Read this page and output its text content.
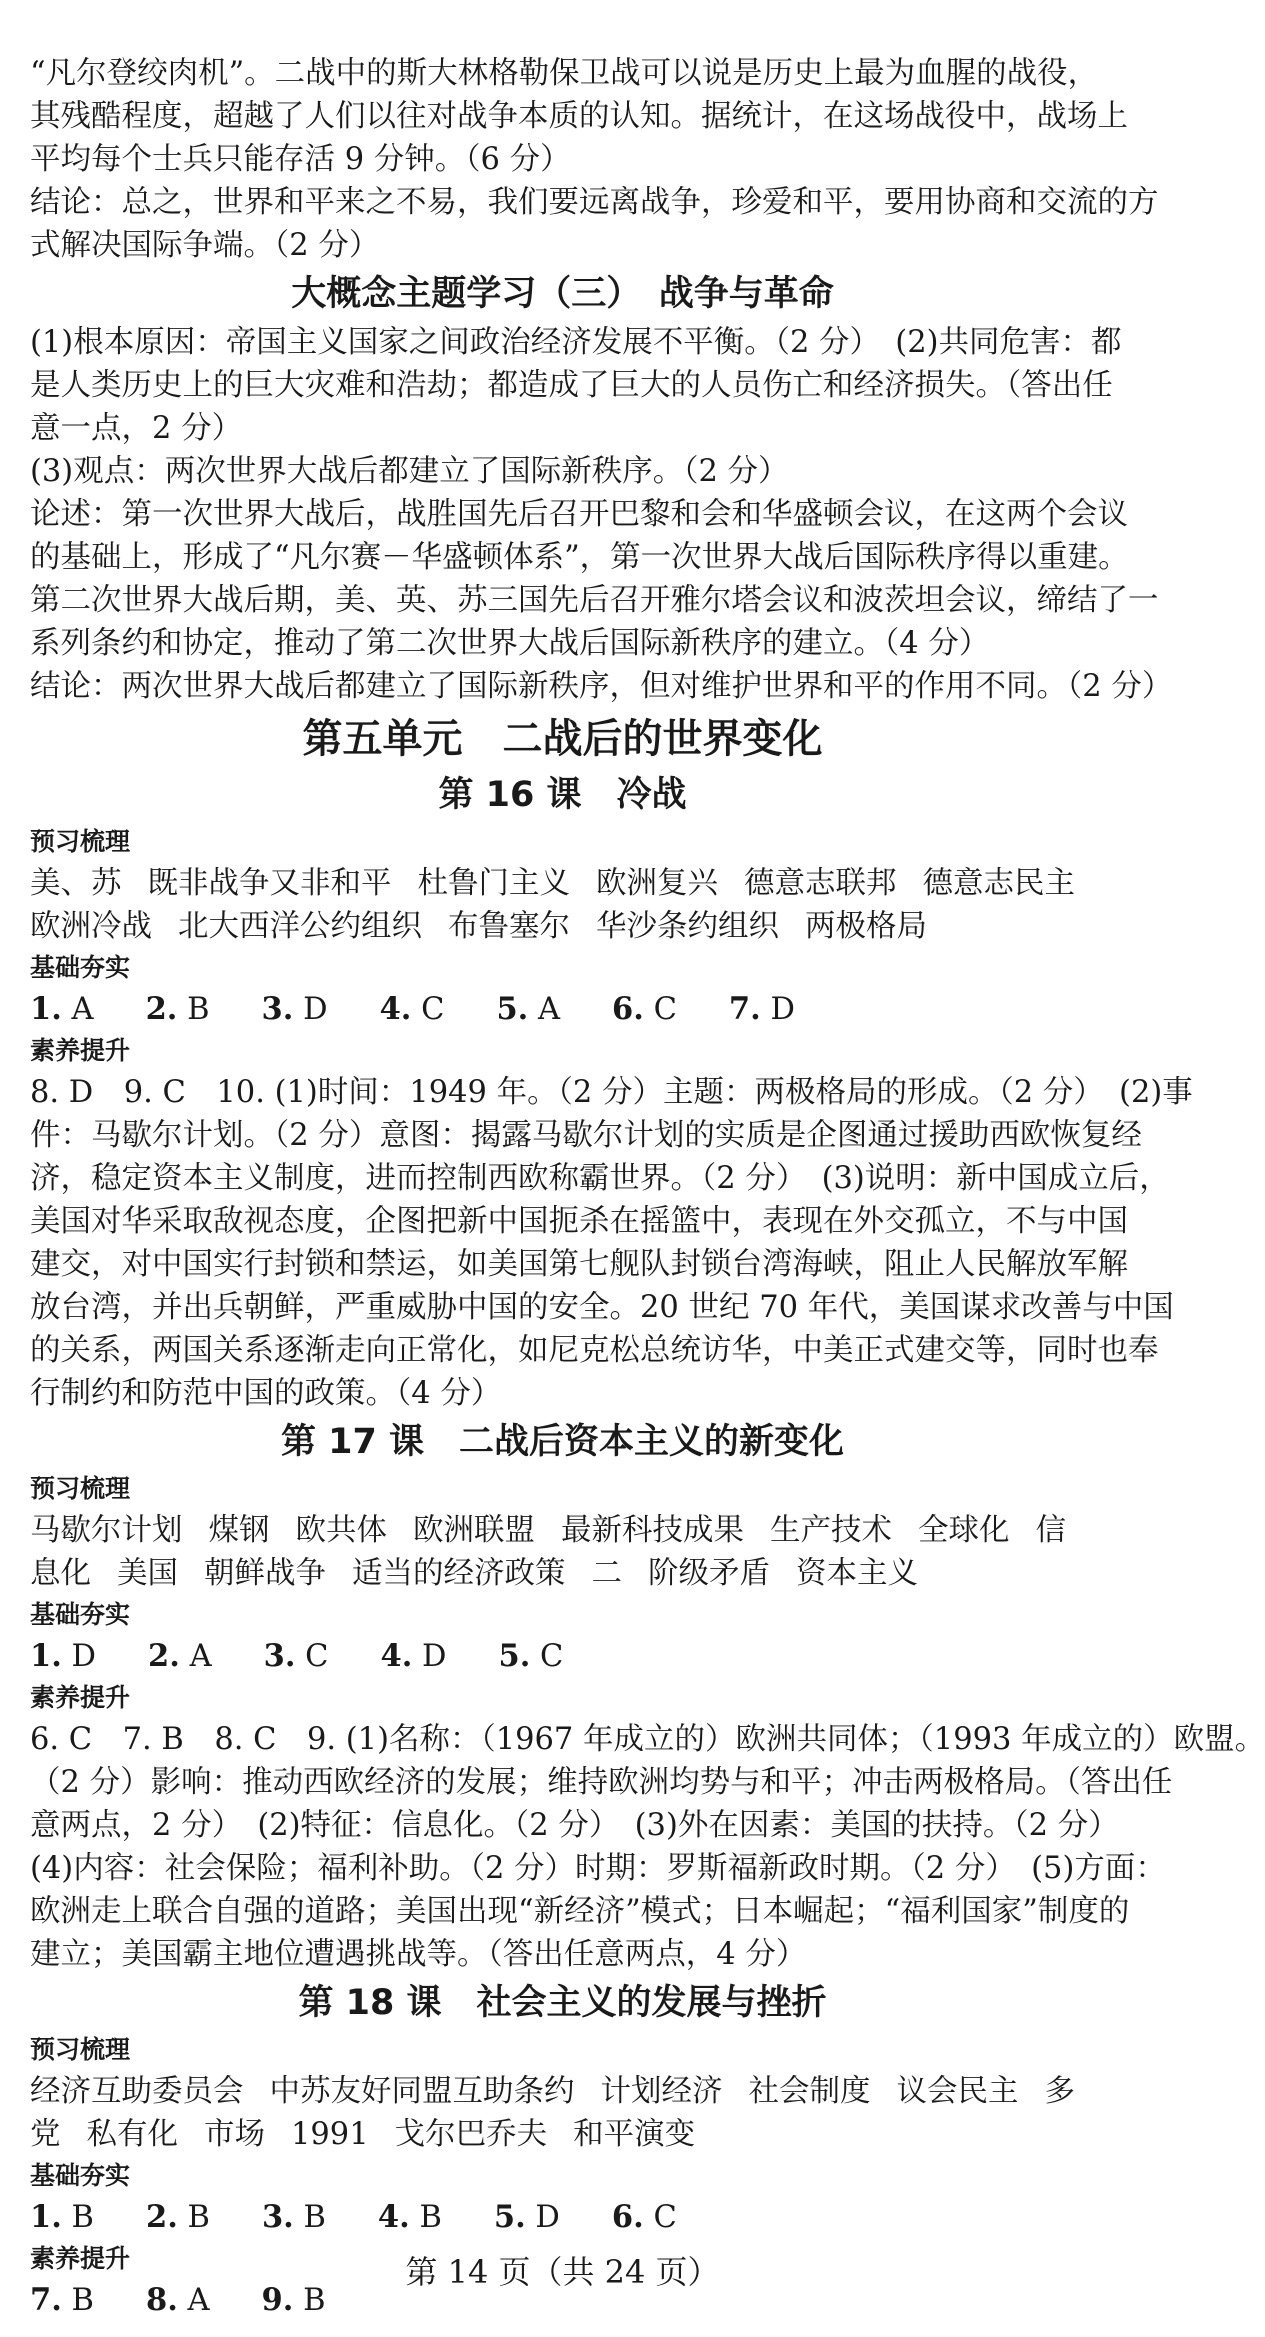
“凡尔登绞肉机”。二战中的斯大林格勒保卫战可以说是历史上最为血腥的战役，

其残酷程度，超越了人们以往对战争本质的认知。据统计，在这场战役中，战场上

平均每个士兵只能存活 9 分钟。（6 分）

结论：总之，世界和平来之不易，我们要远离战争，珍爱和平，要用协商和交流的方

式解决国际争端。（2 分）

大概念主题学习（三）　战争与革命

(1)根本原因：帝国主义国家之间政治经济发展不平衡。（2 分）　(2)共同危害：都

是人类历史上的巨大灾难和浩劫；都造成了巨大的人员伤亡和经济损失。（答出任

意一点，2 分）

(3)观点：两次世界大战后都建立了国际新秩序。（2 分）

论述：第一次世界大战后，战胜国先后召开巴黎和会和华盛顿会议，在这两个会议

的基础上，形成了“凡尔赛－华盛顿体系”，第一次世界大战后国际秩序得以重建。

第二次世界大战后期，美、英、苏三国先后召开雅尔塔会议和波茨坦会议，缔结了一

系列条约和协定，推动了第二次世界大战后国际新秩序的建立。（4 分）

结论：两次世界大战后都建立了国际新秩序，但对维护世界和平的作用不同。（2 分）

第五单元　二战后的世界变化
第 16 课　冷战

预习梳理

美、苏 既非战争又非和平 杜鲁门主义 欧洲复兴 德意志联邦 德意志民主

欧洲冷战 北大西洋公约组织 布鲁塞尔 华沙条约组织 两极格局

基础夯实

1. A 2. B 3. D 4. C 5. A 6. C 7. D

素养提升

8. D　9. C　10. (1)时间：1949 年。（2 分）主题：两极格局的形成。（2 分）　(2)事

件：马歇尔计划。（2 分）意图：揭露马歇尔计划的实质是企图通过援助西欧恢复经

济，稳定资本主义制度，进而控制西欧称霸世界。（2 分）　(3)说明：新中国成立后，

美国对华采取敌视态度，企图把新中国扼杀在摇篮中，表现在外交孤立，不与中国

建交，对中国实行封锁和禁运，如美国第七舰队封锁台湾海峡，阻止人民解放军解

放台湾，并出兵朝鲜，严重威胁中国的安全。20 世纪 70 年代，美国谋求改善与中国

的关系，两国关系逐渐走向正常化，如尼克松总统访华，中美正式建交等，同时也奉

行制约和防范中国的政策。（4 分）

第 17 课　二战后资本主义的新变化

预习梳理

马歇尔计划 煤钢 欧共体 欧洲联盟 最新科技成果 生产技术 全球化 信

息化 美国 朝鲜战争 适当的经济政策 二 阶级矛盾 资本主义

基础夯实

1. D 2. A 3. C 4. D 5. C

素养提升

6. C　7. B　8. C　9. (1)名称：（1967 年成立的）欧洲共同体；（1993 年成立的）欧盟。

（2 分）影响：推动西欧经济的发展；维持欧洲均势与和平；冲击两极格局。（答出任

意两点，2 分）　(2)特征：信息化。（2 分）　(3)外在因素：美国的扶持。（2 分）

(4)内容：社会保险；福利补助。（2 分）时期：罗斯福新政时期。（2 分）　(5)方面：

欧洲走上联合自强的道路；美国出现“新经济”模式；日本崛起；“福利国家”制度的

建立；美国霸主地位遭遇挑战等。（答出任意两点，4 分）

第 18 课　社会主义的发展与挫折

预习梳理

经济互助委员会 中苏友好同盟互助条约 计划经济 社会制度 议会民主 多

党 私有化 市场 1991 戈尔巴乔夫 和平演变

基础夯实

1. B 2. B 3. B 4. B 5. D 6. C

素养提升

7. B 8. A 9. B

第 14 页（共 24 页）
